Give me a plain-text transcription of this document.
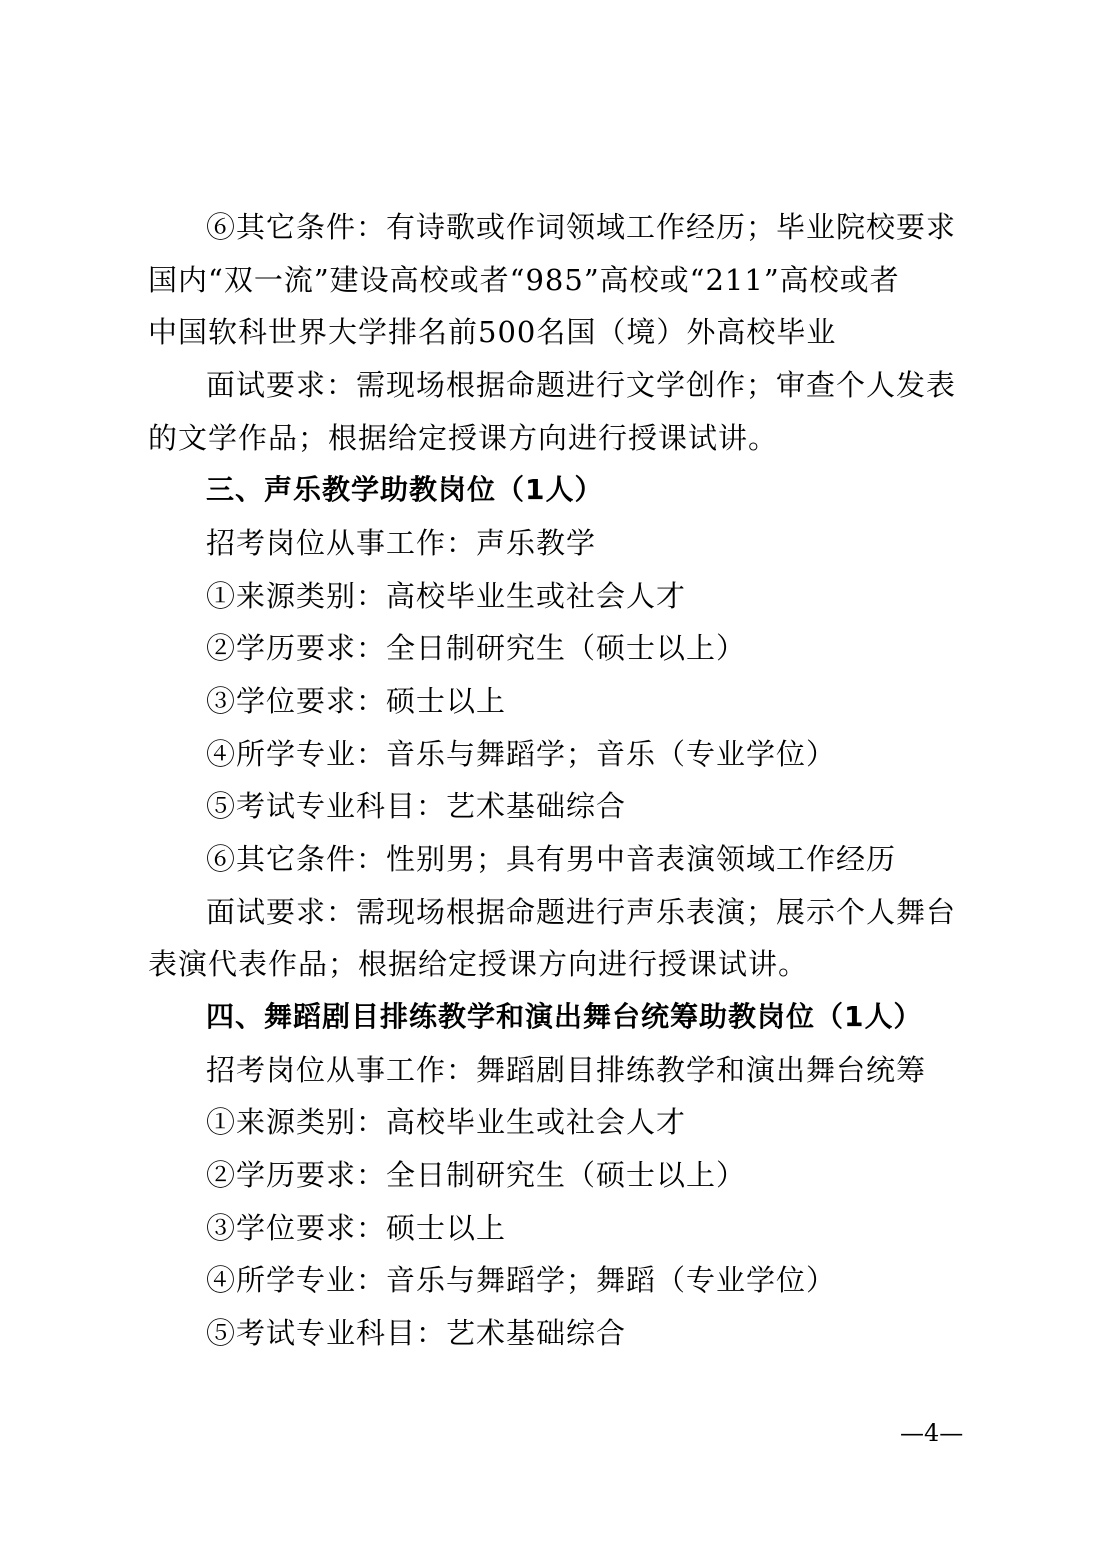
⑥其它条件：有诗歌或作词领域工作经历；毕业院校要求
国内“双一流”建设高校或者“985”高校或“211”高校或者
中国软科世界大学排名前500名国（境）外高校毕业
面试要求：需现场根据命题进行文学创作；审查个人发表
的文学作品；根据给定授课方向进行授课试讲。
三、声乐教学助教岗位（1人）
招考岗位从事工作：声乐教学
①来源类别：高校毕业生或社会人才
②学历要求：全日制研究生（硕士以上）
③学位要求：硕士以上
④所学专业：音乐与舞蹈学；音乐（专业学位）
⑤考试专业科目：艺术基础综合
⑥其它条件：性别男；具有男中音表演领域工作经历
面试要求：需现场根据命题进行声乐表演；展示个人舞台
表演代表作品；根据给定授课方向进行授课试讲。
四、舞蹈剧目排练教学和演出舞台统筹助教岗位（1人）
招考岗位从事工作：舞蹈剧目排练教学和演出舞台统筹
①来源类别：高校毕业生或社会人才
②学历要求：全日制研究生（硕士以上）
③学位要求：硕士以上
④所学专业：音乐与舞蹈学；舞蹈（专业学位）
⑤考试专业科目：艺术基础综合
—4—
